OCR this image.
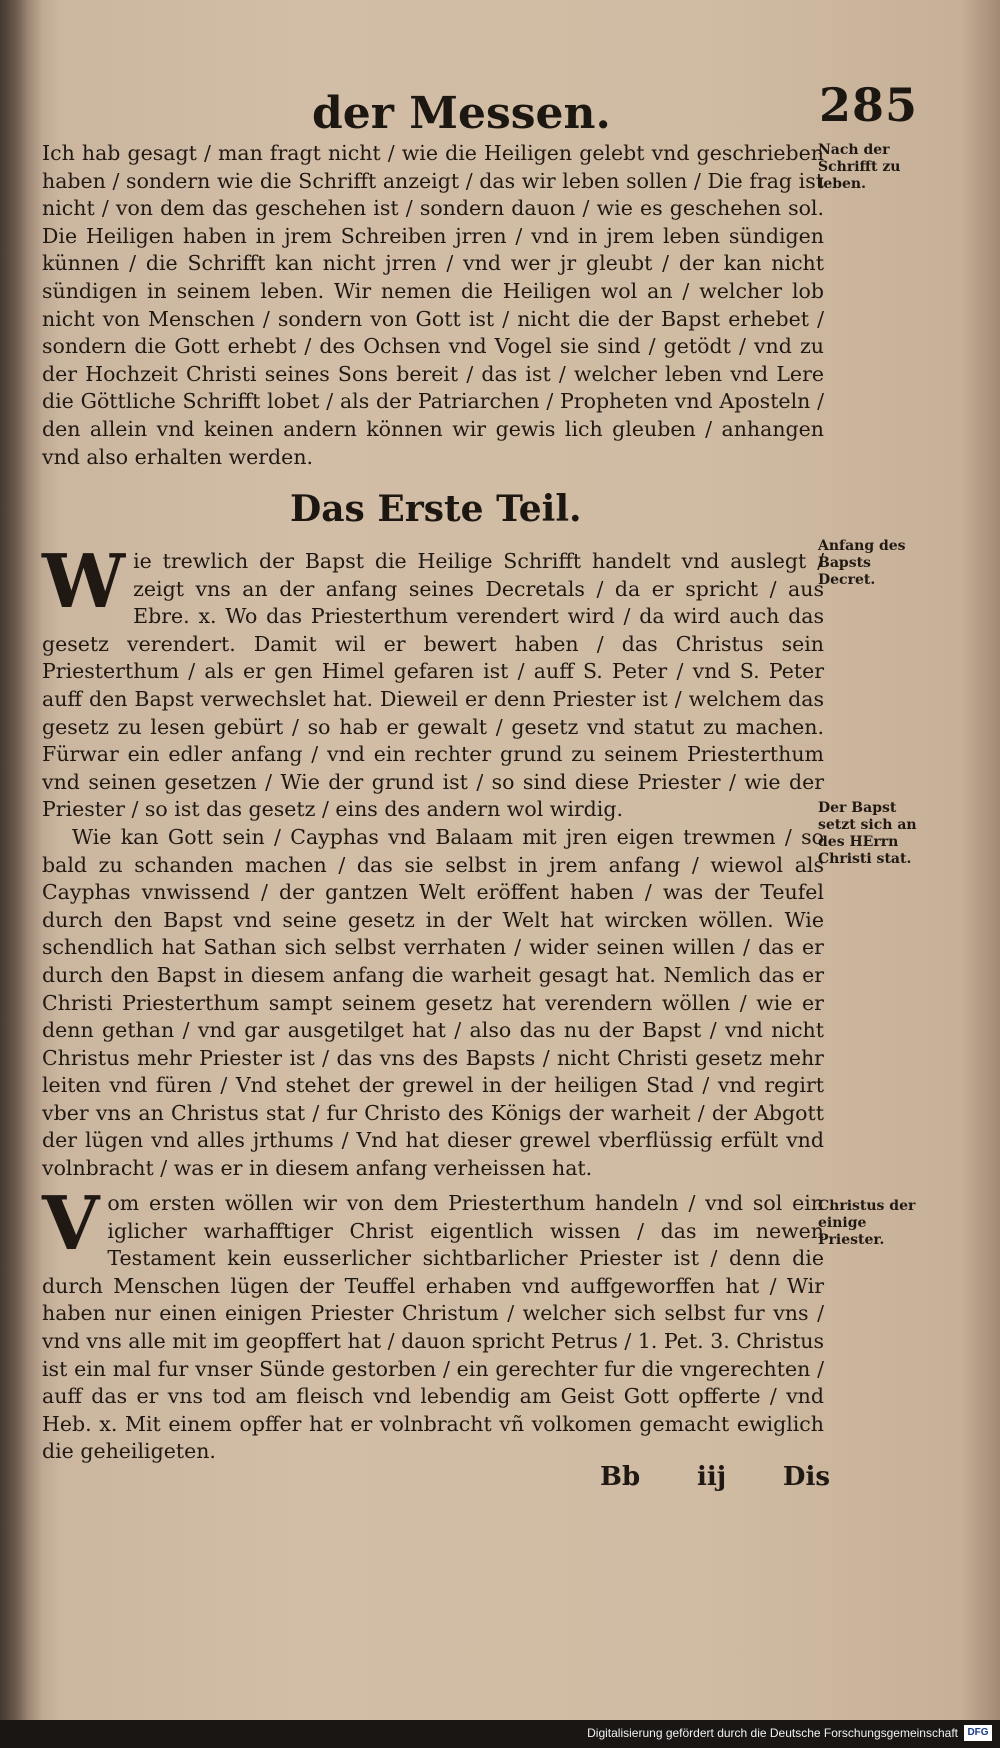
der Messen.	285

Ich hab gesagt / man fragt nicht / wie die Heiligen gelebt vnd geschrieben haben / sondern wie die Schrifft anzeigt / das wir leben sollen / Die frag ist nicht / von dem das geschehen ist / sondern dauon / wie es geschehen sol. Die Heiligen haben in jrem Schreiben jrren / vnd in jrem leben sündigen künnen / die Schrifft kan nicht jrren / vnd wer jr gleubt / der kan nicht sündigen in seinem leben. Wir nemen die Heiligen wol an / welcher lob nicht von Menschen / sondern von Gott ist / nicht die der Bapst erhebet / sondern die Gott erhebt / des Ochsen vnd Vogel sie sind / getödt / vnd zu der Hochzeit Christi seines Sons bereit / das ist / welcher leben vnd Lere die Göttliche Schrifft lobet / als der Patriarchen / Propheten vnd Aposteln / den allein vnd keinen andern können wir gewis lich gleuben / anhangen vnd also erhalten werden.

Das Erste Teil.

Wie trewlich der Bapst die Heilige Schrifft handelt vnd auslegt / zeigt vns an der anfang seines Decretals / da er spricht / aus Ebre. x. Wo das Priesterthum verendert wird / da wird auch das gesetz verendert. Damit wil er bewert haben / das Christus sein Priesterthum / als er gen Himel gefaren ist / auff S. Peter / vnd S. Peter auff den Bapst verwechslet hat. Dieweil er denn Priester ist / welchem das gesetz zu lesen gebürt / so hab er gewalt / gesetz vnd statut zu machen. Fürwar ein edler anfang / vnd ein rechter grund zu seinem Priesterthum vnd seinen gesetzen / Wie der grund ist / so sind diese Priester / wie der Priester / so ist das gesetz / eins des andern wol wirdig.

Wie kan Gott sein / Cayphas vnd Balaam mit jren eigen trewmen / so bald zu schanden machen / das sie selbst in jrem anfang / wiewol als Cayphas vnwissend / der gantzen Welt eröffent haben / was der Teufel durch den Bapst vnd seine gesetz in der Welt hat wircken wöllen. Wie schendlich hat Sathan sich selbst verrhaten / wider seinen willen / das er durch den Bapst in diesem anfang die warheit gesagt hat. Nemlich das er Christi Priesterthum sampt seinem gesetz hat verendern wöllen / wie er denn gethan / vnd gar ausgetilget hat / also das nu der Bapst / vnd nicht Christus mehr Priester ist / das vns des Bapsts / nicht Christi gesetz mehr leiten vnd füren / Vnd stehet der grewel in der heiligen Stad / vnd regirt vber vns an Christus stat / fur Christo des Königs der warheit / der Abgott der lügen vnd alles jrthums / Vnd hat dieser grewel vberflüssig erfült vnd volnbracht / was er in diesem anfang verheissen hat.

Vom ersten wöllen wir von dem Priesterthum handeln / vnd sol ein iglicher warhafftiger Christ eigentlich wissen / das im newen Testament kein eusserlicher sichtbarlicher Priester ist / denn die durch Menschen lügen der Teuffel erhaben vnd auffgeworffen hat / Wir haben nur einen einigen Priester Christum / welcher sich selbst fur vns / vnd vns alle mit im geopffert hat / dauon spricht Petrus / 1. Pet. 3. Christus ist ein mal fur vnser Sünde gestorben / ein gerechter fur die vngerechten / auff das er vns tod am fleisch vnd lebendig am Geist Gott opfferte / vnd Heb. x. Mit einem opffer hat er volnbracht vñ volkomen gemacht ewiglich die geheiligeten.

Nach der Schrifft zu leben.
Anfang des Bapsts Decret.
Der Bapst setzt sich an des HErrn Christi stat.
Christus der einige Priester.
Bb iij Dis
Digitalisierung gefördert durch die Deutsche Forschungsgemeinschaft DFG
